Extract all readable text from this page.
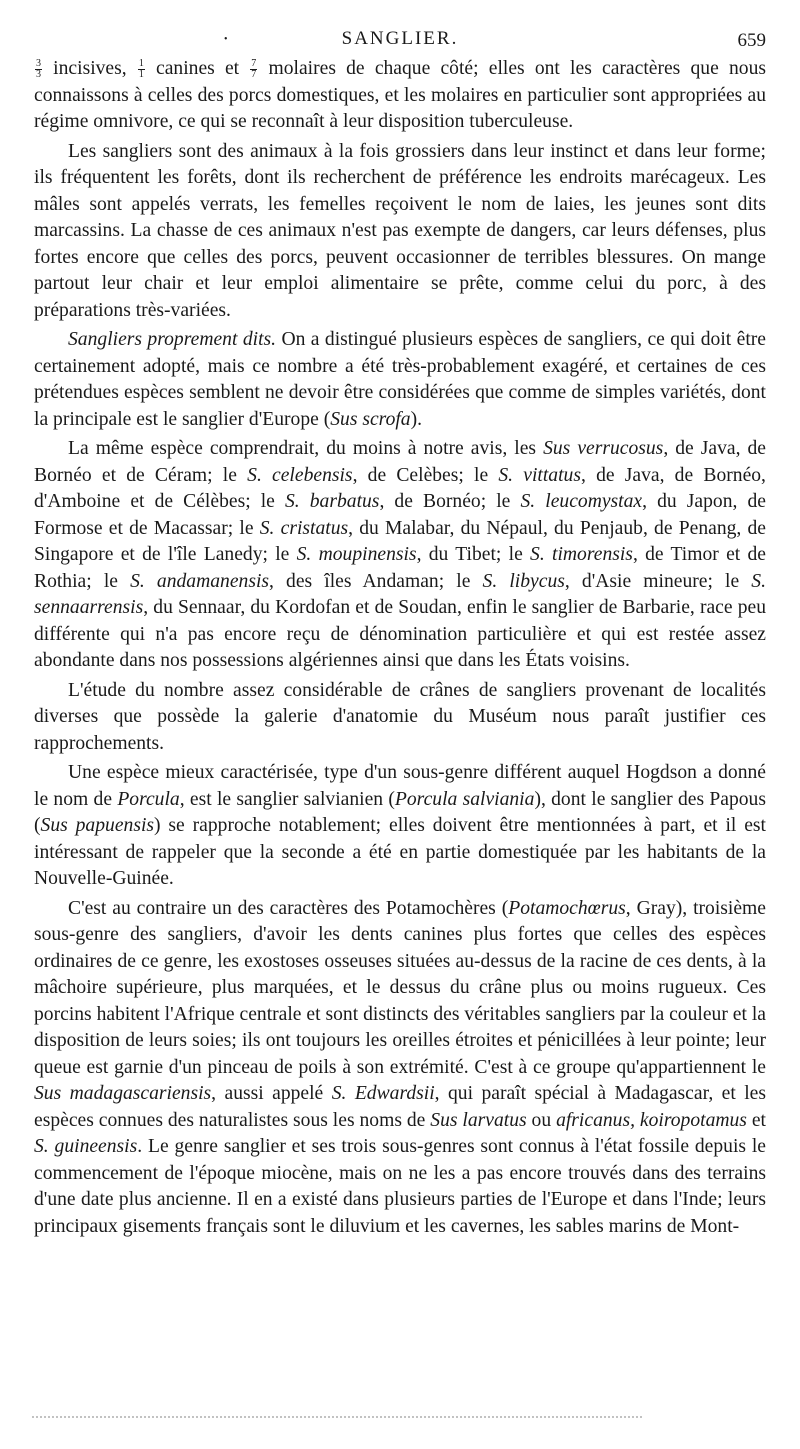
•	SANGLIER.	659

$\frac{3}{3}$ incisives, $\frac{1}{1}$ canines et $\frac{7}{7}$ molaires de chaque côté; elles ont les caractères que nous connaissons à celles des porcs domestiques, et les molaires en particulier sont appropriées au régime omnivore, ce qui se reconnaît à leur disposition tuberculeuse.

Les sangliers sont des animaux à la fois grossiers dans leur instinct et dans leur forme; ils fréquentent les forêts, dont ils recherchent de préférence les endroits marécageux. Les mâles sont appelés verrats, les femelles reçoivent le nom de laies, les jeunes sont dits marcassins. La chasse de ces animaux n'est pas exempte de dangers, car leurs défenses, plus fortes encore que celles des porcs, peuvent occasionner de terribles blessures. On mange partout leur chair et leur emploi alimentaire se prête, comme celui du porc, à des préparations très-variées.

Sangliers proprement dits. On a distingué plusieurs espèces de sangliers, ce qui doit être certainement adopté, mais ce nombre a été très-probablement exagéré, et certaines de ces prétendues espèces semblent ne devoir être considérées que comme de simples variétés, dont la principale est le sanglier d'Europe (Sus scrofa).

La même espèce comprendrait, du moins à notre avis, les Sus verrucosus, de Java, de Bornéo et de Céram; le S. celebensis, de Celèbes; le S. vittatus, de Java, de Bornéo, d'Amboine et de Célèbes; le S. barbatus, de Bornéo; le S. leucomystax, du Japon, de Formose et de Macassar; le S. cristatus, du Malabar, du Népaul, du Penjaub, de Penang, de Singapore et de l'île Lanedy; le S. moupinensis, du Tibet; le S. timorensis, de Timor et de Rothia; le S. andamanensis, des îles Andaman; le S. libycus, d'Asie mineure; le S. sennaarrensis, du Sennaar, du Kordofan et de Soudan, enfin le sanglier de Barbarie, race peu différente qui n'a pas encore reçu de dénomination particulière et qui est restée assez abondante dans nos possessions algériennes ainsi que dans les États voisins.

L'étude du nombre assez considérable de crânes de sangliers provenant de localités diverses que possède la galerie d'anatomie du Muséum nous paraît justifier ces rapprochements.

Une espèce mieux caractérisée, type d'un sous-genre différent auquel Hogdson a donné le nom de Porcula, est le sanglier salvianien (Porcula salviania), dont le sanglier des Papous (Sus papuensis) se rapproche notablement; elles doivent être mentionnées à part, et il est intéressant de rappeler que la seconde a été en partie domestiquée par les habitants de la Nouvelle-Guinée.

C'est au contraire un des caractères des Potamochères (Potamochœrus, Gray), troisième sous-genre des sangliers, d'avoir les dents canines plus fortes que celles des espèces ordinaires de ce genre, les exostoses osseuses situées au-dessus de la racine de ces dents, à la mâchoire supérieure, plus marquées, et le dessus du crâne plus ou moins rugueux. Ces porcins habitent l'Afrique centrale et sont distincts des véritables sangliers par la couleur et la disposition de leurs soies; ils ont toujours les oreilles étroites et pénicillées à leur pointe; leur queue est garnie d'un pinceau de poils à son extrémité. C'est à ce groupe qu'appartiennent le Sus madagascariensis, aussi appelé S. Edwardsii, qui paraît spécial à Madagascar, et les espèces connues des naturalistes sous les noms de Sus larvatus ou africanus, koiropotamus et S. guineensis. Le genre sanglier et ses trois sous-genres sont connus à l'état fossile depuis le commencement de l'époque miocène, mais on ne les a pas encore trouvés dans des terrains d'une date plus ancienne. Il en a existé dans plusieurs parties de l'Europe et dans l'Inde; leurs principaux gisements français sont le diluvium et les cavernes, les sables marins de Mont-
